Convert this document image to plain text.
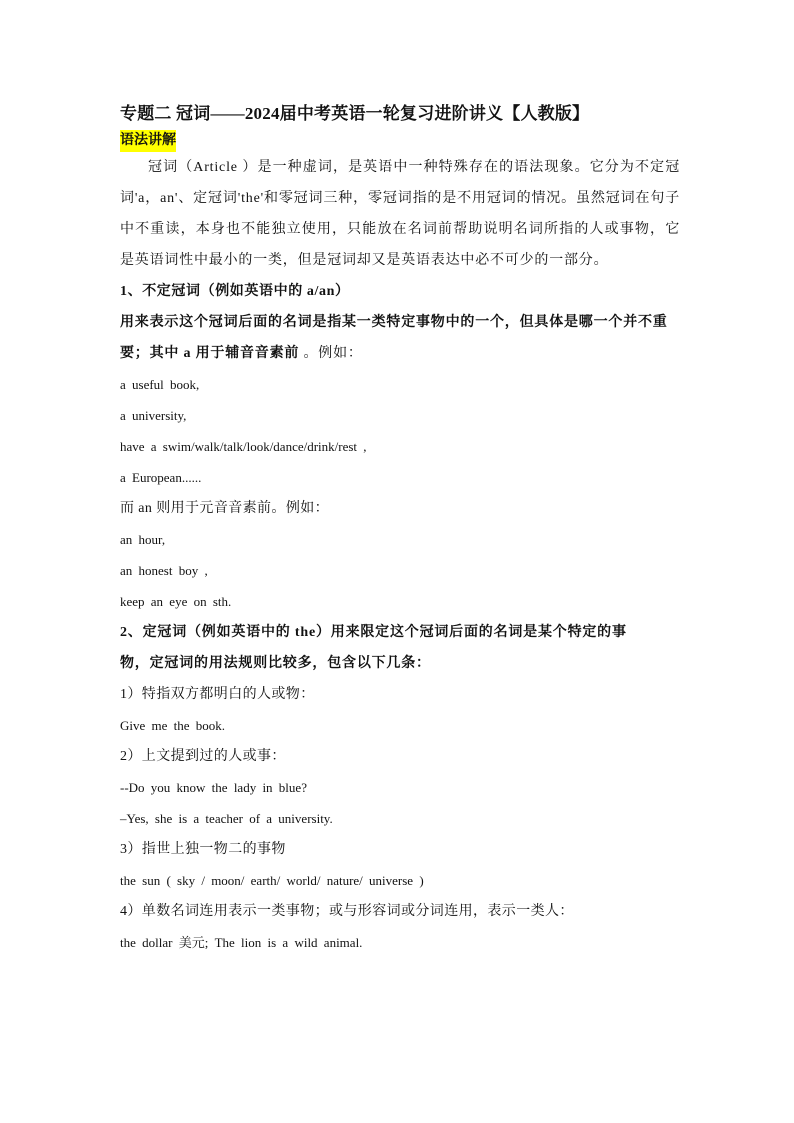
专题二 冠词——2024届中考英语一轮复习进阶讲义【人教版】

语法讲解

冠词（Article ）是一种虚词，是英语中一种特殊存在的语法现象。它分为不定冠词'a，an'、定冠词'the'和零冠词三种，零冠词指的是不用冠词的情况。虽然冠词在句子中不重读，本身也不能独立使用，只能放在名词前帮助说明名词所指的人或事物，它是英语词性中最小的一类，但是冠词却又是英语表达中必不可少的一部分。

1、不定冠词（例如英语中的 a/an）

用来表示这个冠词后面的名词是指某一类特定事物中的一个，但具体是哪一个并不重要；其中 a 用于辅音音素前 。例如：

a useful book,

a university,

have a swim/walk/talk/look/dance/drink/rest ,

a European......

而 an 则用于元音音素前。例如：

an hour,

an honest boy ,

keep an eye on sth.

2、定冠词（例如英语中的 the）用来限定这个冠词后面的名词是某个特定的事

物，定冠词的用法规则比较多，包含以下几条：

1）特指双方都明白的人或物：

Give me the book.

2）上文提到过的人或事：

--Do you know the lady in blue?

–Yes, she is a teacher of a university.

3）指世上独一物二的事物

the sun ( sky / moon/ earth/ world/ nature/ universe )

4）单数名词连用表示一类事物；或与形容词或分词连用，表示一类人：

the dollar 美元; The lion is a wild animal.
